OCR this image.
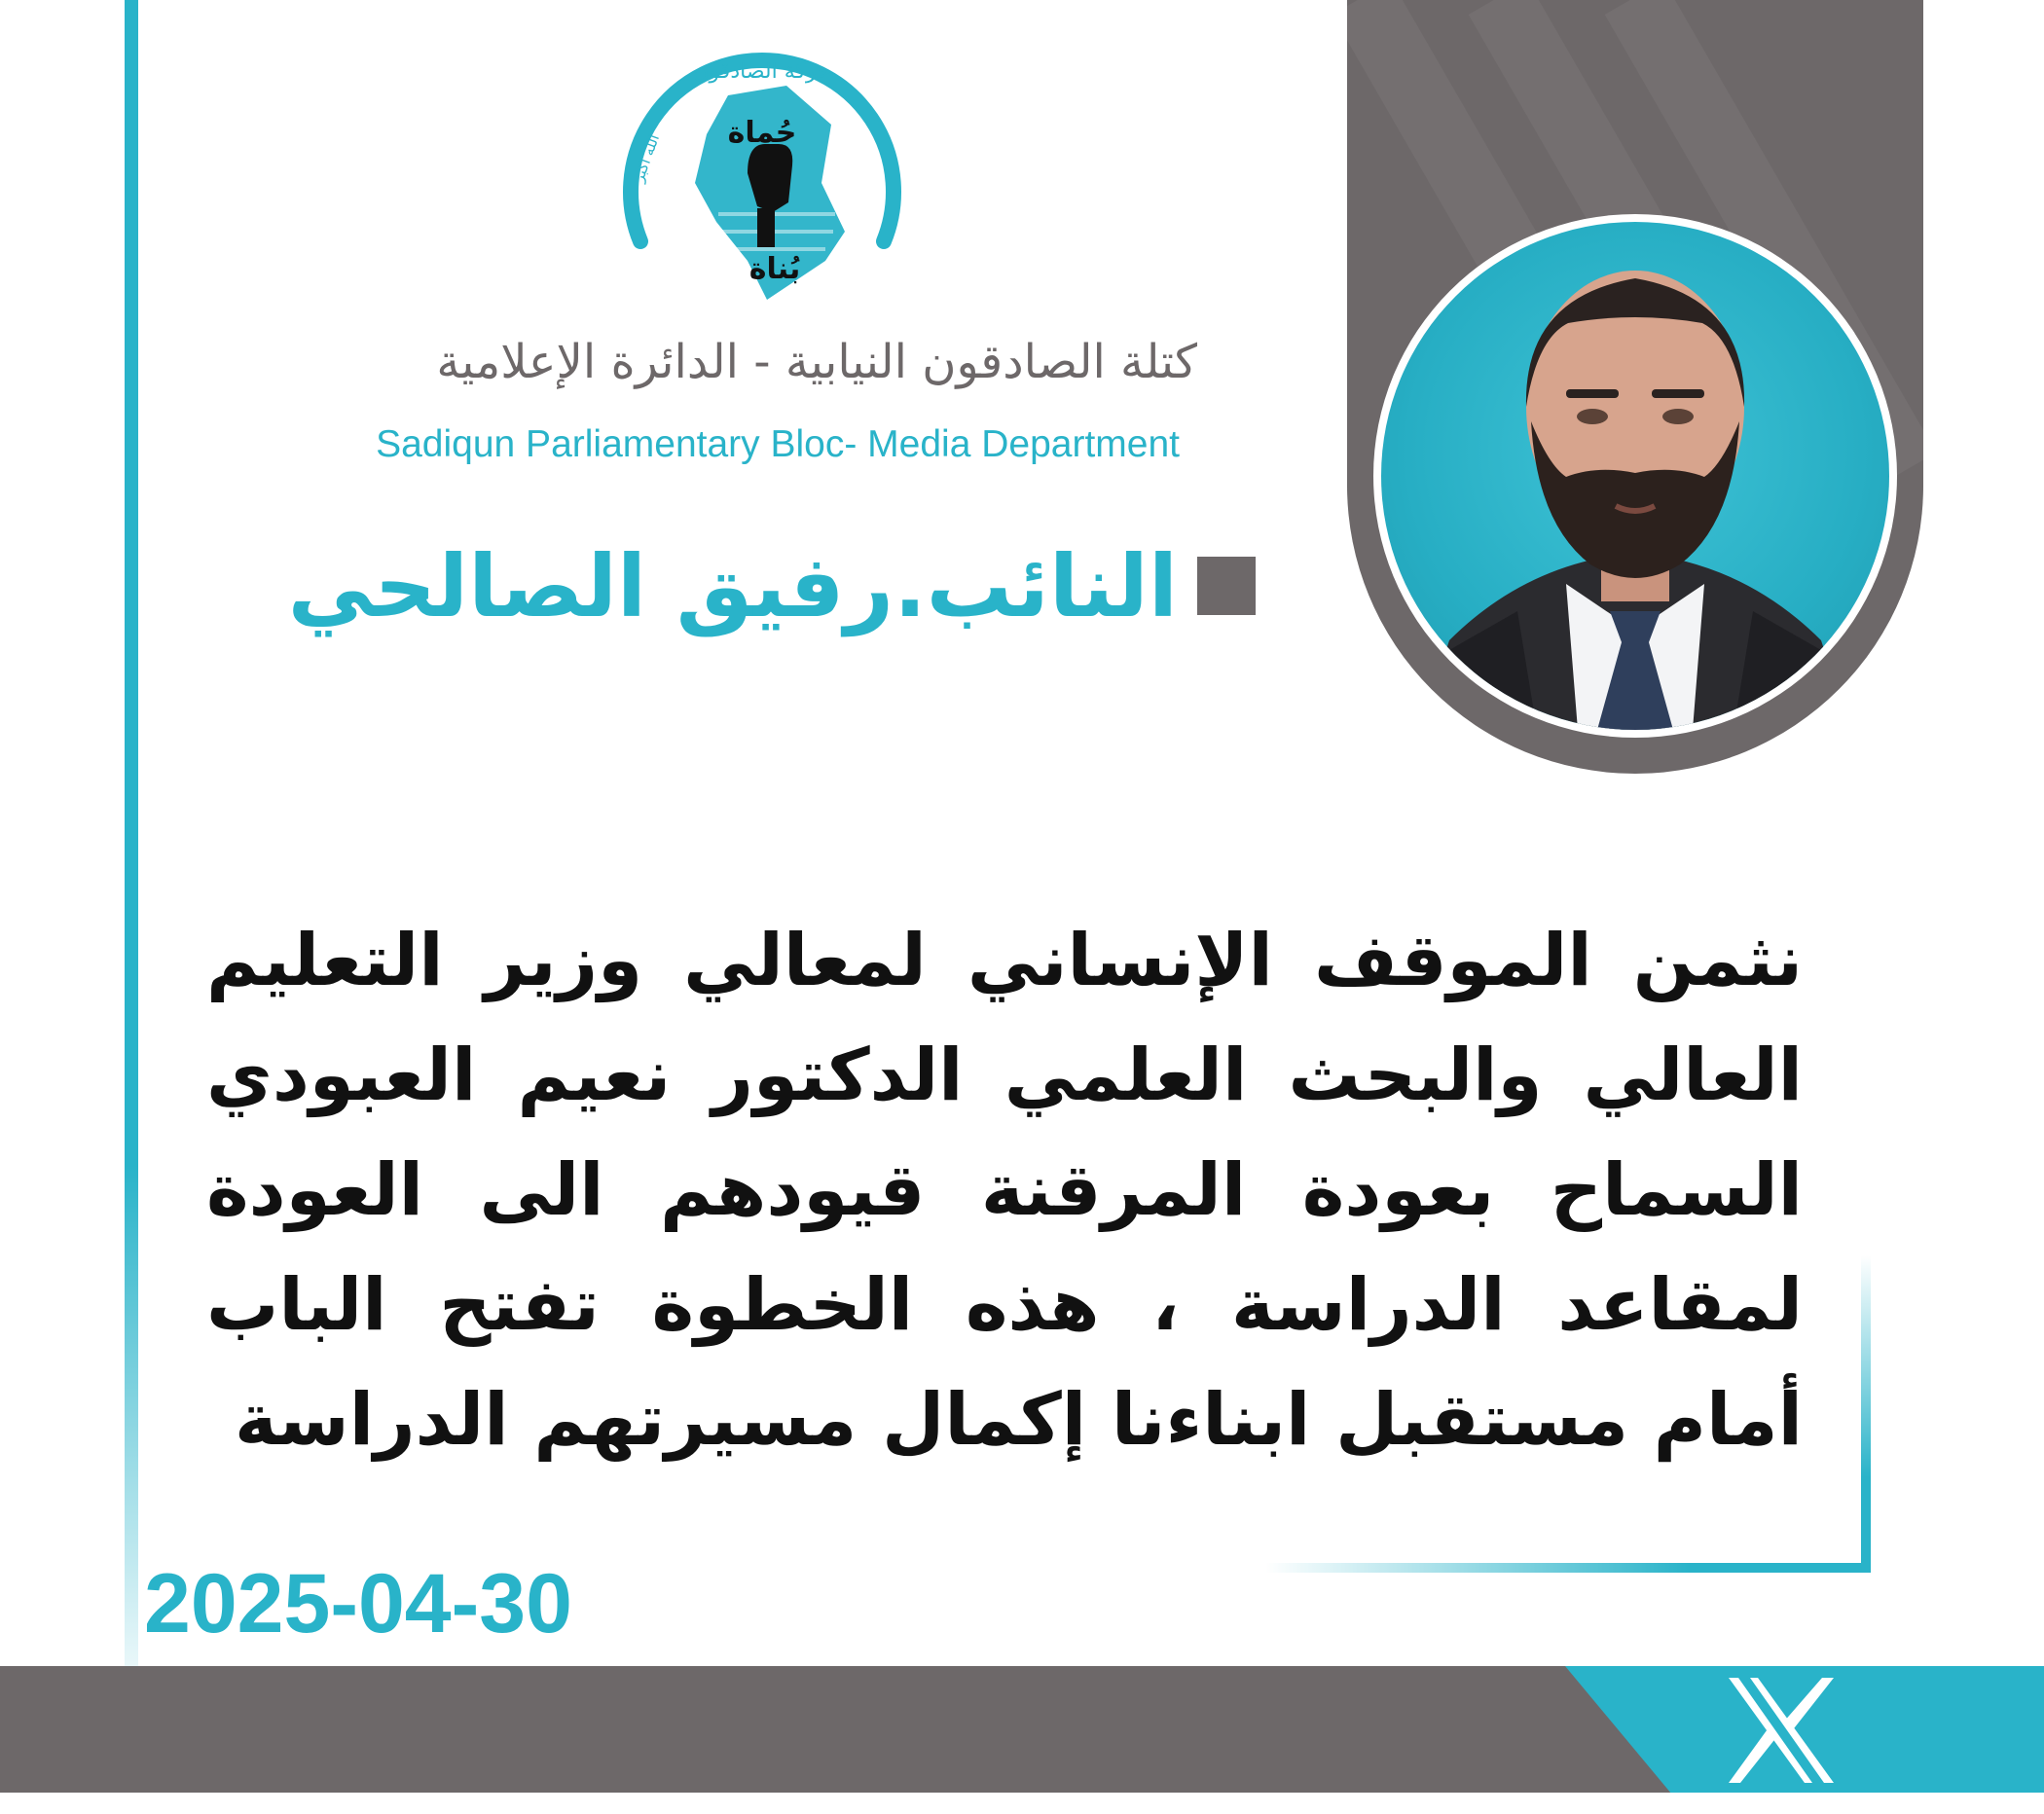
حركة الصادقون
حُماة
بُناة
الله اكبر
كتلة الصادقون النيابية - الدائرة الإعلامية
Sadiqun Parliamentary Bloc- Media Department
النائب.رفيق الصالحي
نثمن الموقف الإنساني لمعالي وزير التعليم العالي والبحث العلمي الدكتور نعيم العبودي السماح بعودة المرقنة قيودهم الى العودة لمقاعد الدراسة ، هذه الخطوة تفتح الباب أمام مستقبل ابناءنا إكمال مسيرتهم الدراسة
2025-04-30
